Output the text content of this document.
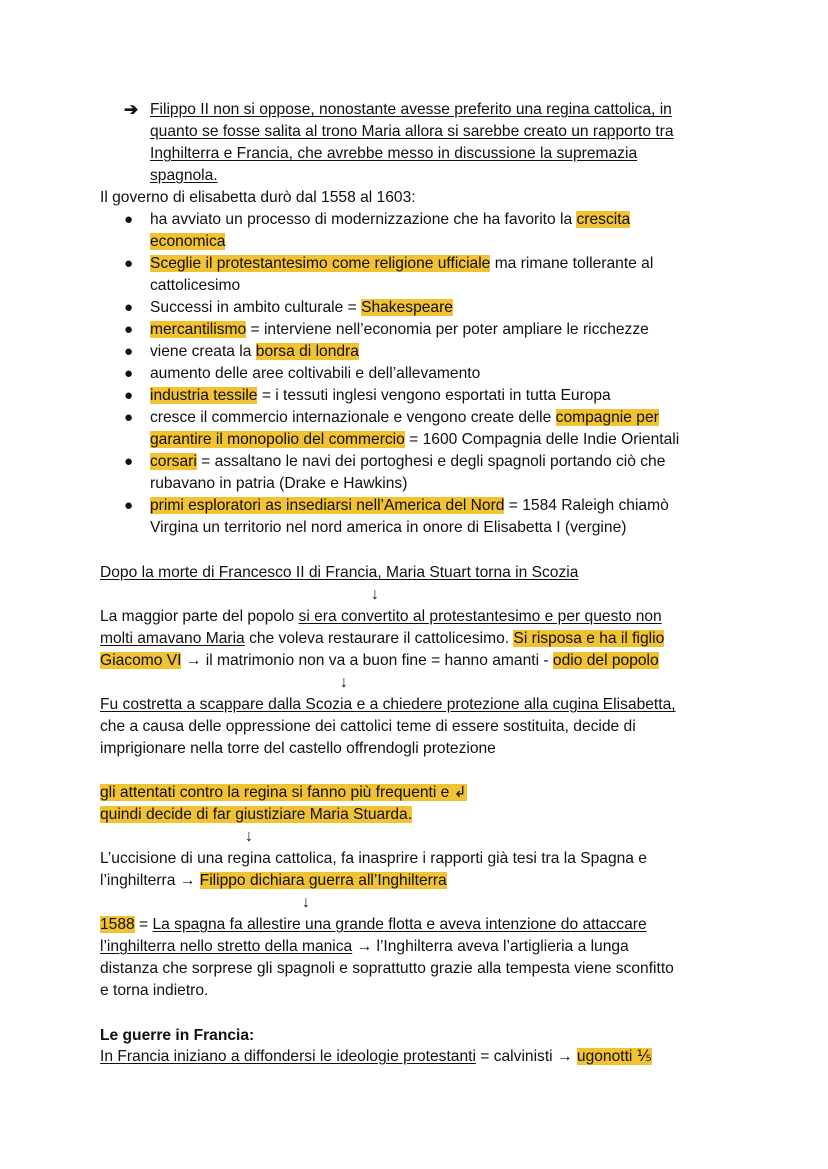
➔ Filippo II non si oppose, nonostante avesse preferito una regina cattolica, in
quanto se fosse salita al trono Maria allora si sarebbe creato un rapporto tra
Inghilterra e Francia, che avrebbe messo in discussione la supremazia
spagnola.
Il governo di elisabetta durò dal 1558 al 1603:
● ha avviato un processo di modernizzazione che ha favorito la crescita
economica
● Sceglie il protestantesimo come religione ufficiale ma rimane tollerante al
cattolicesimo
● Successi in ambito culturale = Shakespeare
● mercantilismo = interviene nell’economia per poter ampliare le ricchezze
● viene creata la borsa di londra
● aumento delle aree coltivabili e dell’allevamento
● industria tessile = i tessuti inglesi vengono esportati in tutta Europa
● cresce il commercio internazionale e vengono create delle compagnie per
garantire il monopolio del commercio = 1600 Compagnia delle Indie Orientali
● corsari = assaltano le navi dei portoghesi e degli spagnoli portando ciò che
rubavano in patria (Drake e Hawkins)
● primi esploratori as insediarsi nell’America del Nord = 1584 Raleigh chiamò
Virgina un territorio nel nord america in onore di Elisabetta I (vergine)
Dopo la morte di Francesco II di Francia, Maria Stuart torna in Scozia
↓
La maggior parte del popolo si era convertito al protestantesimo e per questo non
molti amavano Maria che voleva restaurare il cattolicesimo. Si risposa e ha il figlio
Giacomo VI → il matrimonio non va a buon fine = hanno amanti - odio del popolo
↓
Fu costretta a scappare dalla Scozia e a chiedere protezione alla cugina Elisabetta,
che a causa delle oppressione dei cattolici teme di essere sostituita, decide di
imprigionare nella torre del castello offrendogli protezione
gli attentati contro la regina si fanno più frequenti e ↲
quindi decide di far giustiziare Maria Stuarda.
↓
L’uccisione di una regina cattolica, fa inasprire i rapporti già tesi tra la Spagna e
l’inghilterra → Filippo dichiara guerra all’Inghilterra
↓
1588 = La spagna fa allestire una grande flotta e aveva intenzione do attaccare
l’inghilterra nello stretto della manica → l’Inghilterra aveva l’artiglieria a lunga
distanza che sorprese gli spagnoli e soprattutto grazie alla tempesta viene sconfitto
e torna indietro.
Le guerre in Francia:
In Francia iniziano a diffondersi le ideologie protestanti = calvinisti → ugonotti ⅕
